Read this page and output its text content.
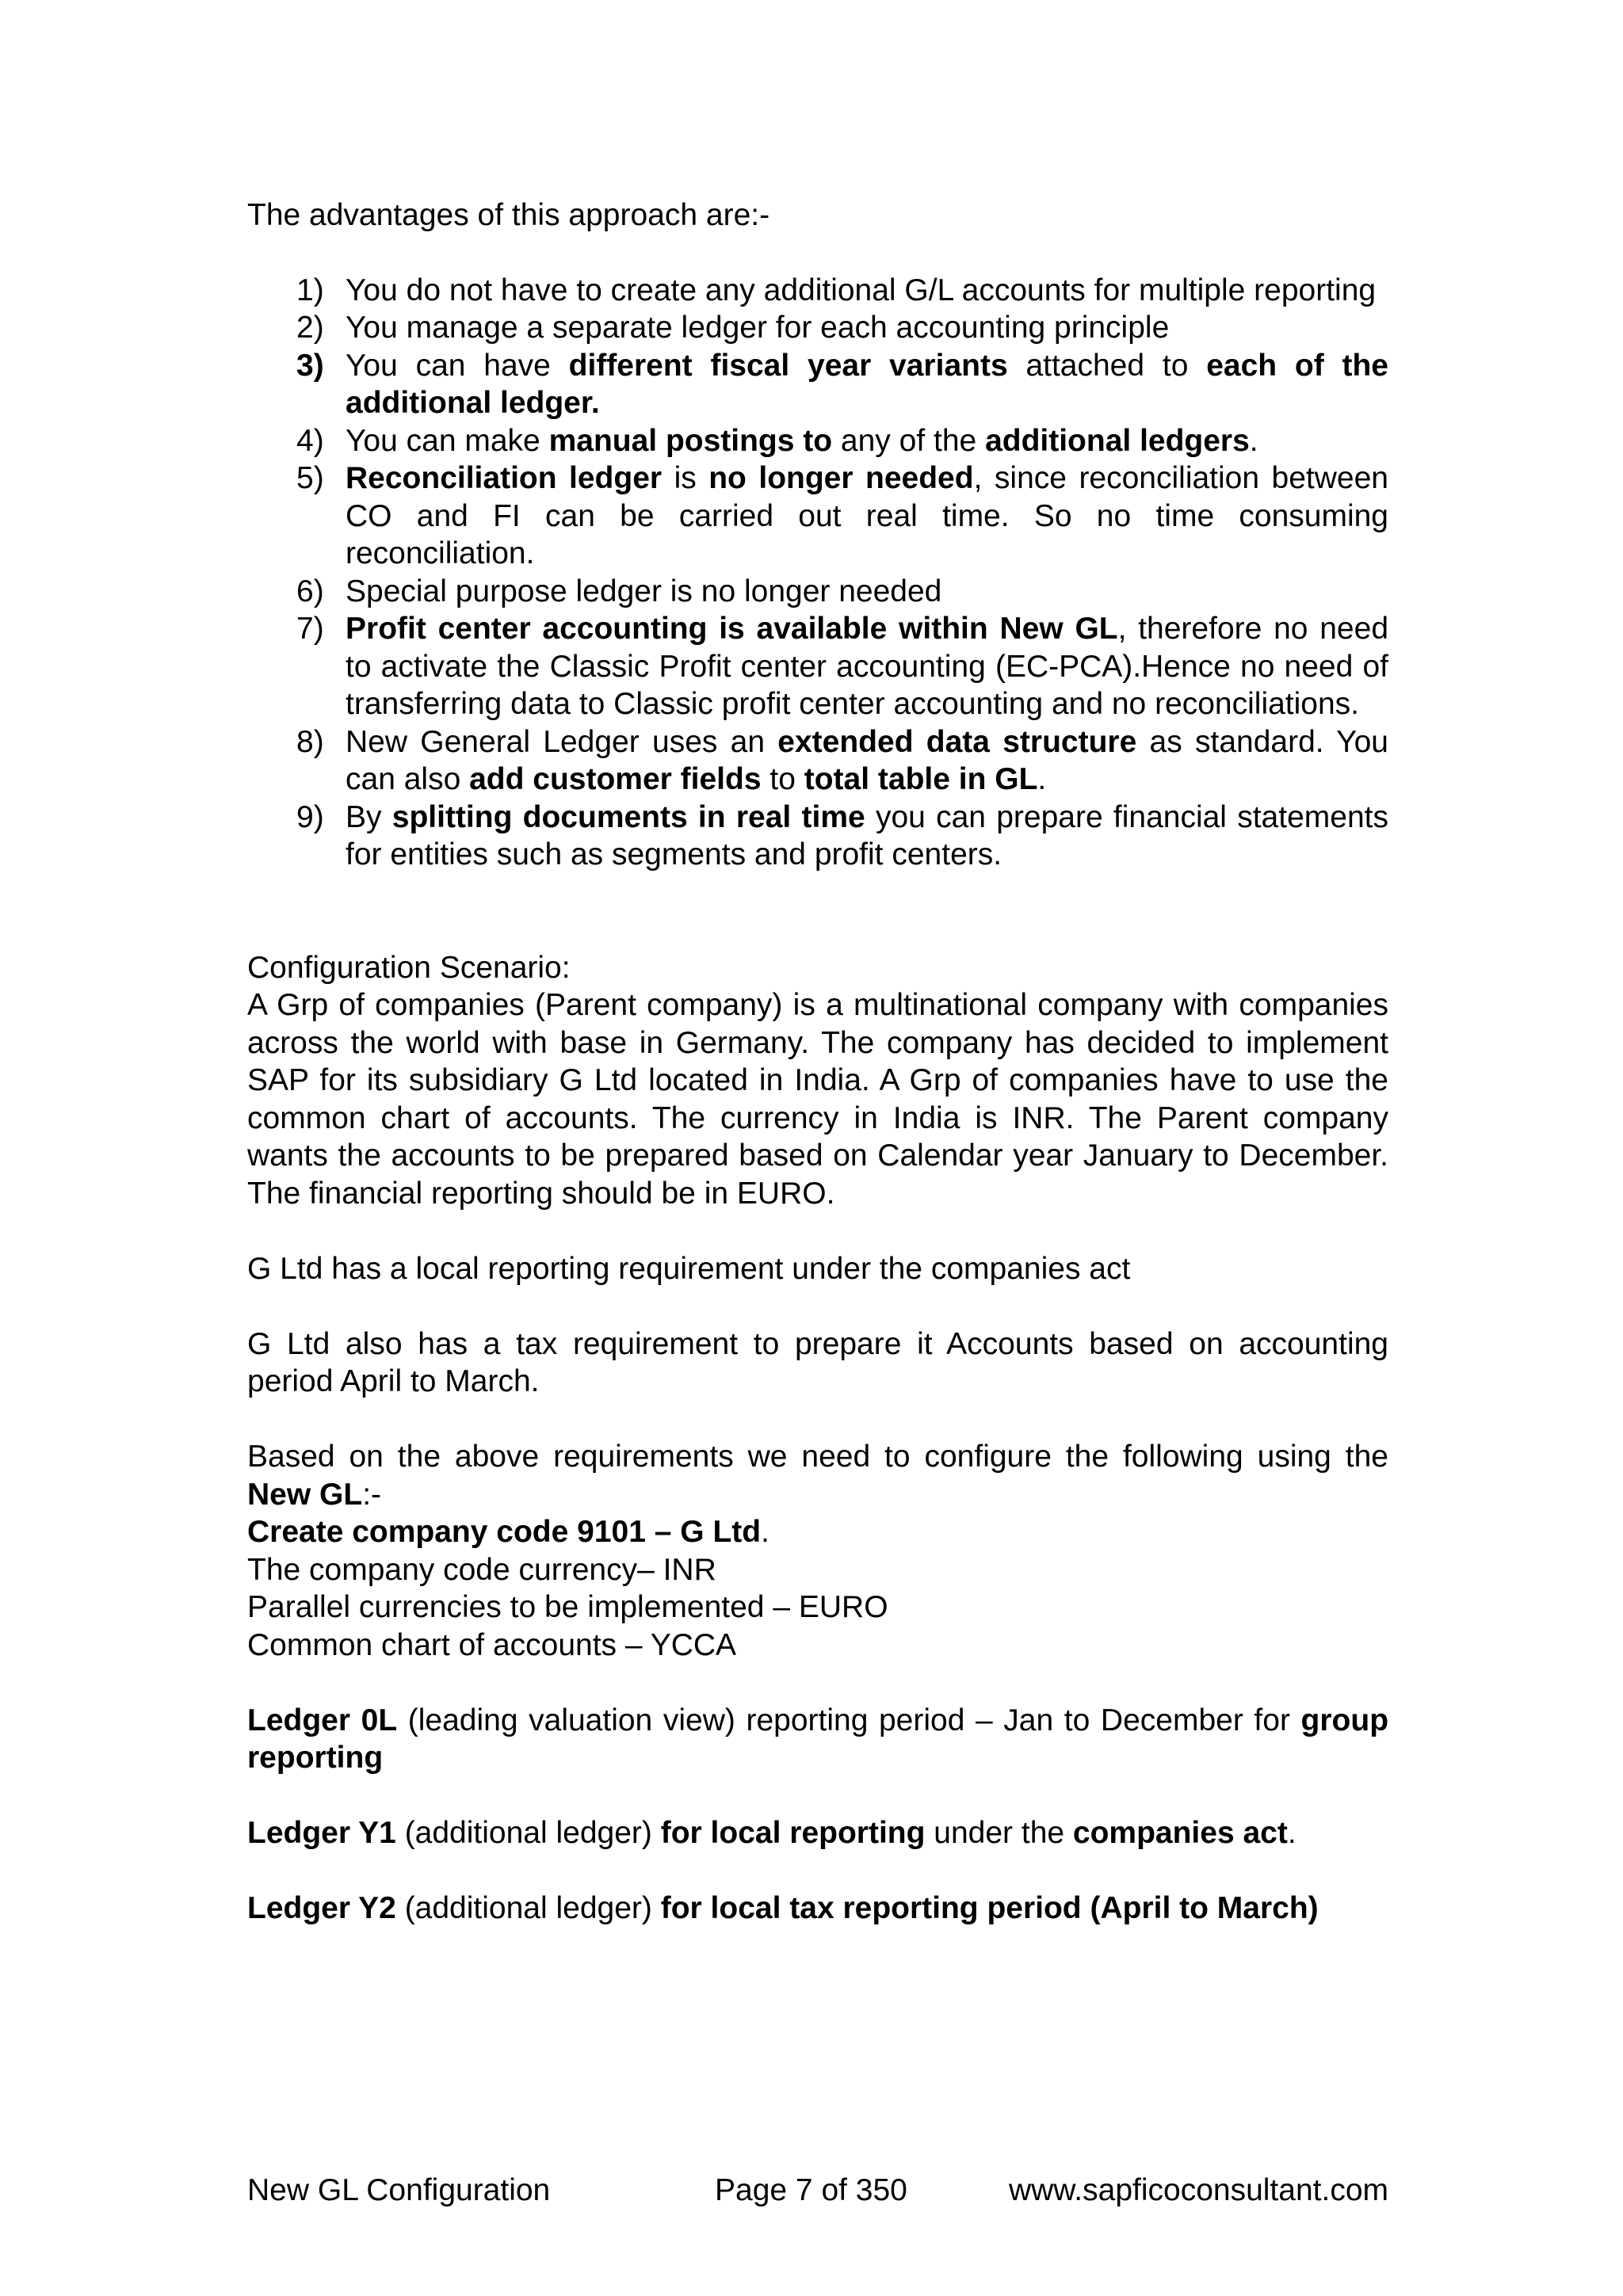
The advantages of this approach are:-

1) You do not have to create any additional G/L accounts for multiple reporting
2) You manage a separate ledger for each accounting principle
3) You can have different fiscal year variants attached to each of the additional ledger.
4) You can make manual postings to any of the additional ledgers.
5) Reconciliation ledger is no longer needed, since reconciliation between CO and FI can be carried out real time. So no time consuming reconciliation.
6) Special purpose ledger is no longer needed
7) Profit center accounting is available within New GL, therefore no need to activate the Classic Profit center accounting (EC-PCA).Hence no need of transferring data to Classic profit center accounting and no reconciliations.
8) New General Ledger uses an extended data structure as standard. You can also add customer fields to total table in GL.
9) By splitting documents in real time you can prepare financial statements for entities such as segments and profit centers.

Configuration Scenario:

A Grp of companies (Parent company) is a multinational company with companies across the world with base in Germany. The company has decided to implement SAP for its subsidiary G Ltd located in India. A Grp of companies have to use the common chart of accounts. The currency in India is INR. The Parent company wants the accounts to be prepared based on Calendar year January to December. The financial reporting should be in EURO.

G Ltd has a local reporting requirement under the companies act

G Ltd also has a tax requirement to prepare it Accounts based on accounting period April to March.

Based on the above requirements we need to configure the following using the New GL:-

Create company code 9101 – G Ltd.

The company code currency– INR

Parallel currencies to be implemented – EURO

Common chart of accounts – YCCA

Ledger 0L (leading valuation view) reporting period – Jan to December for group reporting

Ledger Y1 (additional ledger) for local reporting under the companies act.

Ledger Y2 (additional ledger) for local tax reporting period (April to March)

New GL Configuration	Page 7 of 350	www.sapficoconsultant.com
